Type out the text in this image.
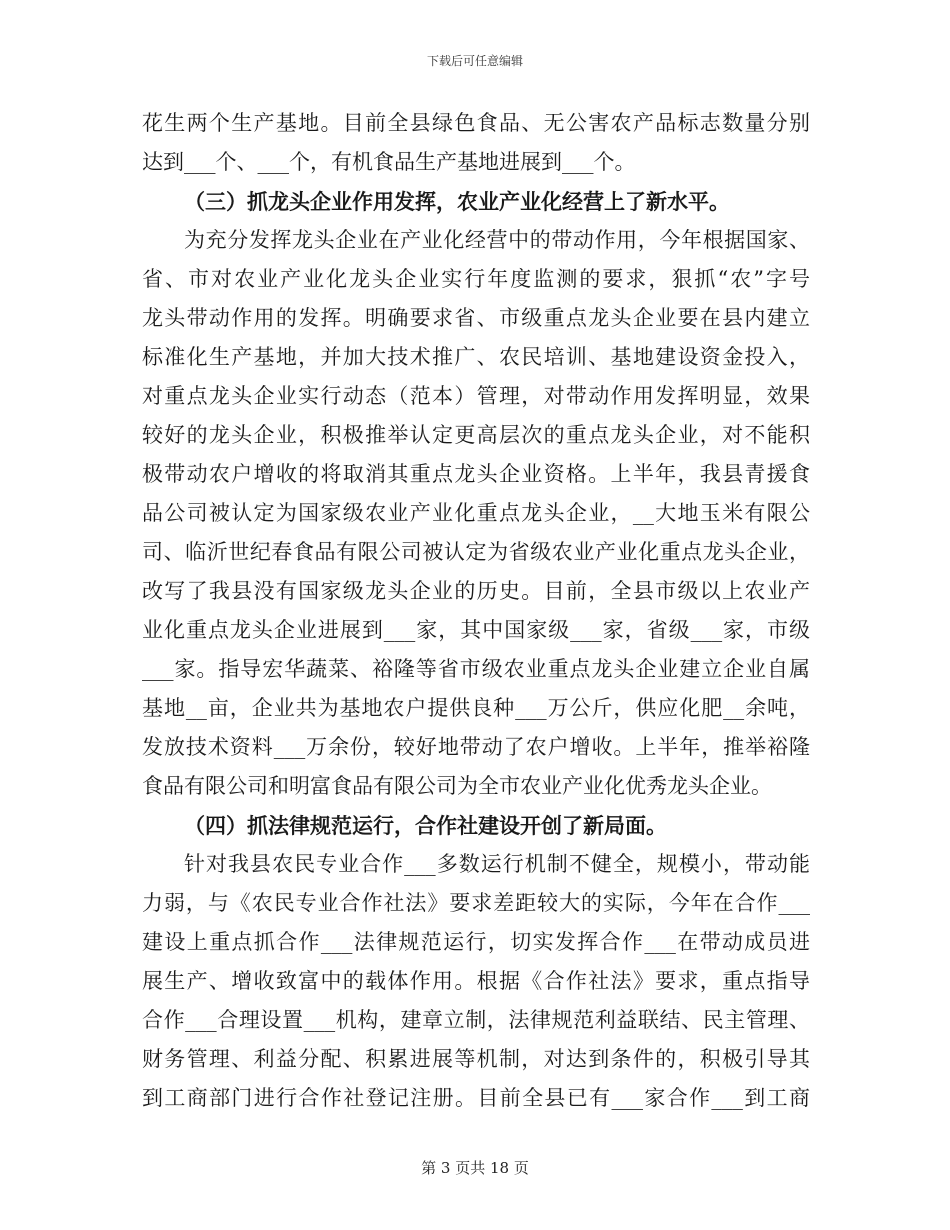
下载后可任意编辑
花生两个生产基地。目前全县绿色食品、无公害农产品标志数量分别
达到___个、___个，有机食品生产基地进展到___个。
（三）抓龙头企业作用发挥，农业产业化经营上了新水平。
为充分发挥龙头企业在产业化经营中的带动作用，今年根据国家、
省、市对农业产业化龙头企业实行年度监测的要求，狠抓“农”字号
龙头带动作用的发挥。明确要求省、市级重点龙头企业要在县内建立
标准化生产基地，并加大技术推广、农民培训、基地建设资金投入，
对重点龙头企业实行动态（范本）管理，对带动作用发挥明显，效果
较好的龙头企业，积极推举认定更高层次的重点龙头企业，对不能积
极带动农户增收的将取消其重点龙头企业资格。上半年，我县青援食
品公司被认定为国家级农业产业化重点龙头企业，__大地玉米有限公
司、临沂世纪春食品有限公司被认定为省级农业产业化重点龙头企业，
改写了我县没有国家级龙头企业的历史。目前，全县市级以上农业产
业化重点龙头企业进展到___家，其中国家级___家，省级___家，市级
___家。指导宏华蔬菜、裕隆等省市级农业重点龙头企业建立企业自属
基地__亩，企业共为基地农户提供良种___万公斤，供应化肥__余吨，
发放技术资料___万余份，较好地带动了农户增收。上半年，推举裕隆
食品有限公司和明富食品有限公司为全市农业产业化优秀龙头企业。
（四）抓法律规范运行，合作社建设开创了新局面。
针对我县农民专业合作___多数运行机制不健全，规模小，带动能
力弱，与《农民专业合作社法》要求差距较大的实际，今年在合作___
建设上重点抓合作___法律规范运行，切实发挥合作___在带动成员进
展生产、增收致富中的载体作用。根据《合作社法》要求，重点指导
合作___合理设置___机构，建章立制，法律规范利益联结、民主管理、
财务管理、利益分配、积累进展等机制，对达到条件的，积极引导其
到工商部门进行合作社登记注册。目前全县已有___家合作___到工商
第 3 页共 18 页
